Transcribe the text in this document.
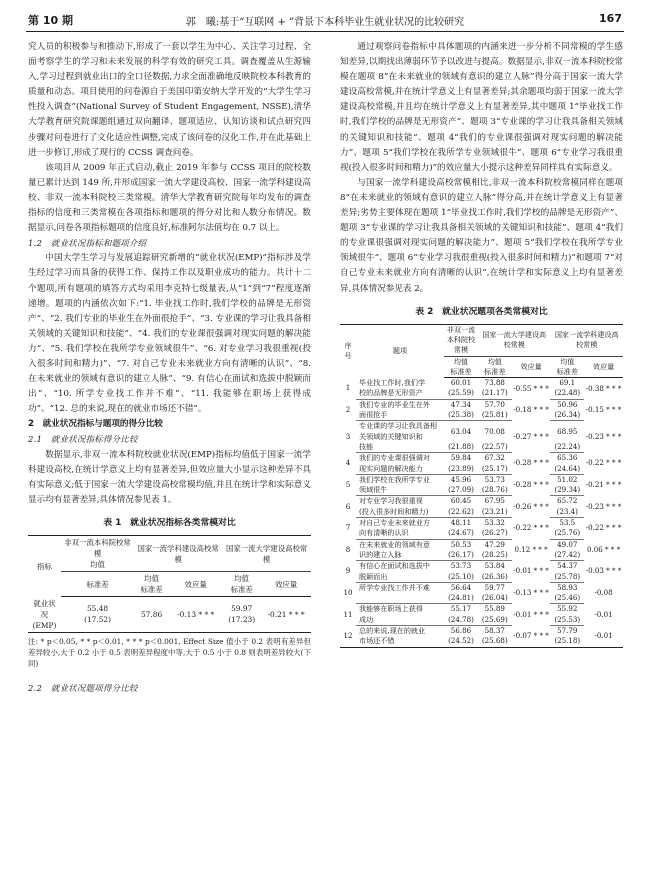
第 10 期	郭　曦:基于“互联网 + ”背景下本科毕业生就业状况的比较研究	167

究人员的积极参与和推动下,形成了一套以学生为中心、关注学习过程、全面考察学生的学习和未来发展的科学有效的研究工具。调查覆盖从生源输入,学习过程到就业出口的全口径数据,力求全面准确地反映院校本科教育的质量和动态。项目使用的问卷源自于美国印第安纳大学开发的“大学生学习性投入调查”(National Survey of Student Engagement, NSSE),清华大学教育研究院课题组通过双向翻译、题项适应、认知访谈和试点研究四步骤对问卷进行了文化适应性调整,完成了该问卷的汉化工作,并在此基础上进一步修订,形成了现行的 CCSS 调查问卷。

该项目从 2009 年正式启动,截止 2019 年参与 CCSS 项目的院校数量已累计达到 149 所,并形成国家一流大学建设高校、国家一流学科建设高校、非双一流本科院校三类常模。清华大学教育研究院每年均发布的调查指标的信度和三类常模在各项指标和题项的得分对比和人数分布情况。数据显示,问卷各项指标题项的信度良好,标准阿尔法值均在 0.7 以上。

1.2　就业状况指标和题项介绍

中国大学生学习与发展追踪研究新增的“就业状况(EMP)”指标涉及学生经过学习而具备的获得工作、保持工作以及职业成功的能力。共计十二个题项,所有题项的填答方式均采用李克特七级量表,从“1”到“7”程度逐渐递增。题项的内涵依次如下:“1. 毕业找工作时,我们学校的品牌是无形资产”、“2. 我们专业的毕业生在外面很抢手”、“3. 专业课的学习让我具备相关领域的关键知识和技能”、“4. 我们的专业课很强调对现实问题的解决能力”、“5. 我们学校在我所学专业领域很牛”、“6. 对专业学习我很重视(投入很多时间和精力)”、“7. 对自己专业未来就业方向有清晰的认识”、“8. 在未来就业的领域有意识的建立人脉”、“9. 有信心在面试和选拔中脱颖而出”、“10. 所学专业找工作并不难”、“11. 我能够在职场上获得成功”、“12. 总的来说,现在的就业市场还不错”。

2　就业状况指标与题项的得分比较
2.1　就业状况指标得分比较

数据显示,非双一流本科院校就业状况(EMP)指标均值低于国家一流学科建设高校,在统计学意义上均有显著差异,但效应量大小显示这种差异不具有实际意义;低于国家一流大学建设高校常模均值,并且在统计学和实际意义显示均有显著差异,具体情况参见表 1。

表 1　就业状况指标各类常模对比
指标	非双一流本科院校常模
均值	国家一流学科建设高校常模		国家一流大学建设高校常模	
	标准差	均值
标准差	效应量	均值
标准差	效应量
就业状况
(EMP)	55.48
(17.52)	57.86	-0.13 * * *	59.97
(17.23)	-0.21 * * *
注: * p＜0.05, * * p＜0.01, * * * p＜0.001, Effect Size 值小于 0.2 表明有差异但差异较小,大于 0.2 小于 0.5 表明差异程度中等,大于 0.5 小于 0.8 则表明差异较大(下同)
2.2　就业状况题项得分比较

通过观察问卷指标中具体题项的内涵来进一步分析不同常模的学生感知差异,以期找出薄弱环节予以改进与提高。数据显示,非双一流本科院校常模在题项 8“在未来就业的领域有意识的建立人脉”得分高于国家一流大学建设高校常模,并在统计学意义上有显著差异;其余题项均弱于国家一流大学建设高校常模,并且均在统计学意义上有显著差异,其中题项 1“毕业找工作时,我们学校的品牌是无形资产”、题项 3“专业课的学习让我具备相关领域的关键知识和技能”、题项 4“我们的专业课很强调对现实问题的解决能力”、题项 5“我们学校在我所学专业领域很牛”、题项 6“专业学习我很重视(投入很多时间和精力)”的效应量大小提示这种差异同样具有实际意义。

与国家一流学科建设高校常模相比,非双一流本科院校常模同样在题项 8“在未来就业的领域有意识的建立人脉”得分高,并在统计学意义上有显著差异;劣势主要体现在题项 1“毕业找工作时,我们学校的品牌是无形资产”、题项 3“专业课的学习让我具备相关领域的关键知识和技能”、题项 4“我们的专业课很强调对现实问题的解决能力”、题项 5“我们学校在我所学专业领域很牛”、题项 6“专业学习我很重视(投入很多时间和精力)”和题项 7“对自己专业未来就业方向有清晰的认识”,在统计学和实际意义上均有显著差异,具体情况参见表 2。

表 2　就业状况题项各类常模对比
序号	题项	非双一流本科院校常模	国家一流大学建设高校常模		国家一流学科建设高校常模	
		均值
标准差	均值
标准差	效应量	均值
标准差	效应量
1	毕业找工作时,我们学	60.01	73.88	-0.55 * * *	69.1	-0.38 * * *
	校的品牌是无形资产	(25.59)	(21.17)		(22.48)	
2	我们专业的毕业生在外	47.34	57.70	-0.18 * * *	50.96	-0.15 * * *
	面很抢手	(25.38)	(25.81)		(26.34)	
3	专业课的学习让我具备相关领域的关键知识和	63.04	70.08	-0.27 * * *	68.95	-0.23 * * *
	技能	(21.88)	(22.57)		(22.24)	
4	我们的专业课很强调对	59.84	67.32	-0.28 * * *	65.36	-0.22 * * *
	现实问题的解决能力	(23.89)	(25.17)		(24.64)	
5	我们学校在我所学专业	45.96	53.73	-0.28 * * *	51.02	-0.21 * * *
	领域很牛	(27.09)	(28.76)		(29.34)	
6	对专业学习我很重视	60.45	67.95	-0.26 * * *	65.72	-0.23 * * *
	(投入很多时间和精力)	(22.62)	(23.21)		(23.4)	
7	对自己专业未来就业方	48.11	53.32	-0.22 * * *	53.5	-0.22 * * *
	向有清晰的认识	(24.67)	(26.27)		(25.76)	
8	在未来就业的领域有意	50.53	47.29	0.12 * * *	49.07	0.06 * * *
	识的建立人脉	(26.17)	(28.25)		(27.42)	
9	有信心在面试和选拔中	53.73	53.84	-0.01 * * *	54.37	-0.03 * * *
	脱颖而出	(25.10)	(26.36)		(25.78)	
10	所学专业找工作并不难	56.64	59.77	-0.13 * * *	58.93	-0.08
		(24.81)	(26.04)		(25.46)	
11	我能够在职场上获得	55.17	55.89	-0.01 * * *	55.92	-0.01
	成功	(24.78)	(25.69)		(25.53)	
12	总的来说,现在的就业	56.86	58.37	-0.07 * * *	57.79	-0.01
	市场还不错	(24.52)	(25.68)		(25.18)	
